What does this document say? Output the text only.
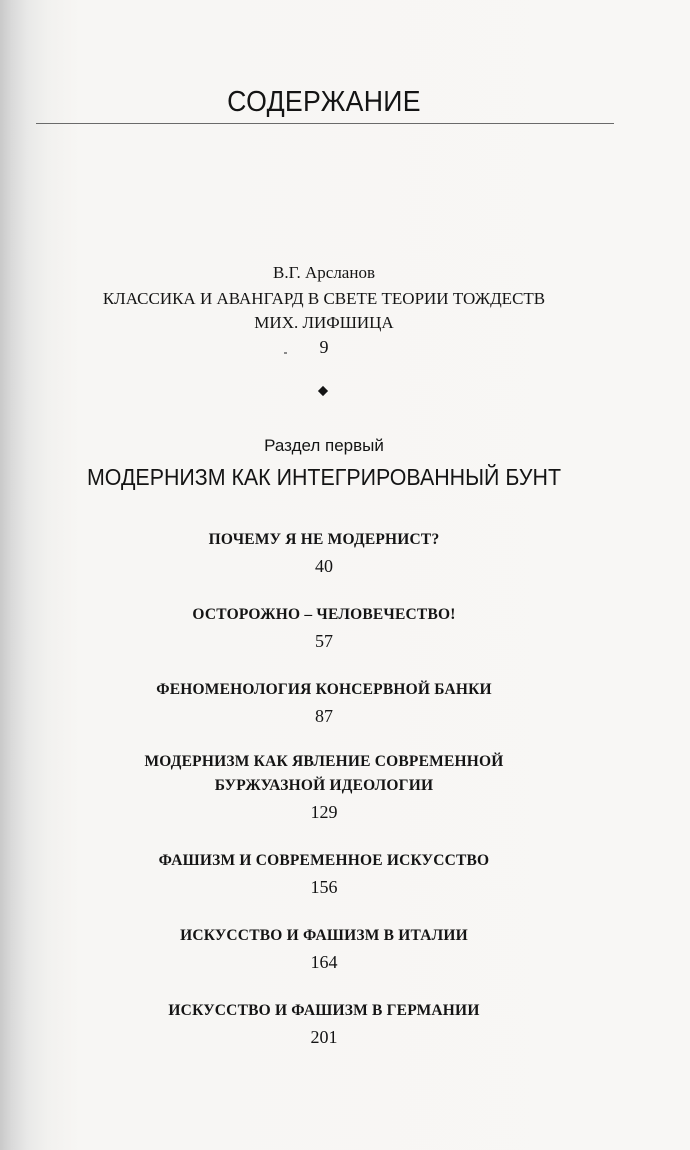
СОДЕРЖАНИЕ
В.Г. Арсланов
КЛАССИКА И АВАНГАРД В СВЕТЕ ТЕОРИИ ТОЖДЕСТВ
МИХ. ЛИФШИЦА
9
Раздел первый
МОДЕРНИЗМ КАК ИНТЕГРИРОВАННЫЙ БУНТ
ПОЧЕМУ Я НЕ МОДЕРНИСТ?
40
ОСТОРОЖНО – ЧЕЛОВЕЧЕСТВО!
57
ФЕНОМЕНОЛОГИЯ КОНСЕРВНОЙ БАНКИ
87
МОДЕРНИЗМ КАК ЯВЛЕНИЕ СОВРЕМЕННОЙ
БУРЖУАЗНОЙ ИДЕОЛОГИИ
129
ФАШИЗМ И СОВРЕМЕННОЕ ИСКУССТВО
156
ИСКУССТВО И ФАШИЗМ В ИТАЛИИ
164
ИСКУССТВО И ФАШИЗМ В ГЕРМАНИИ
201
